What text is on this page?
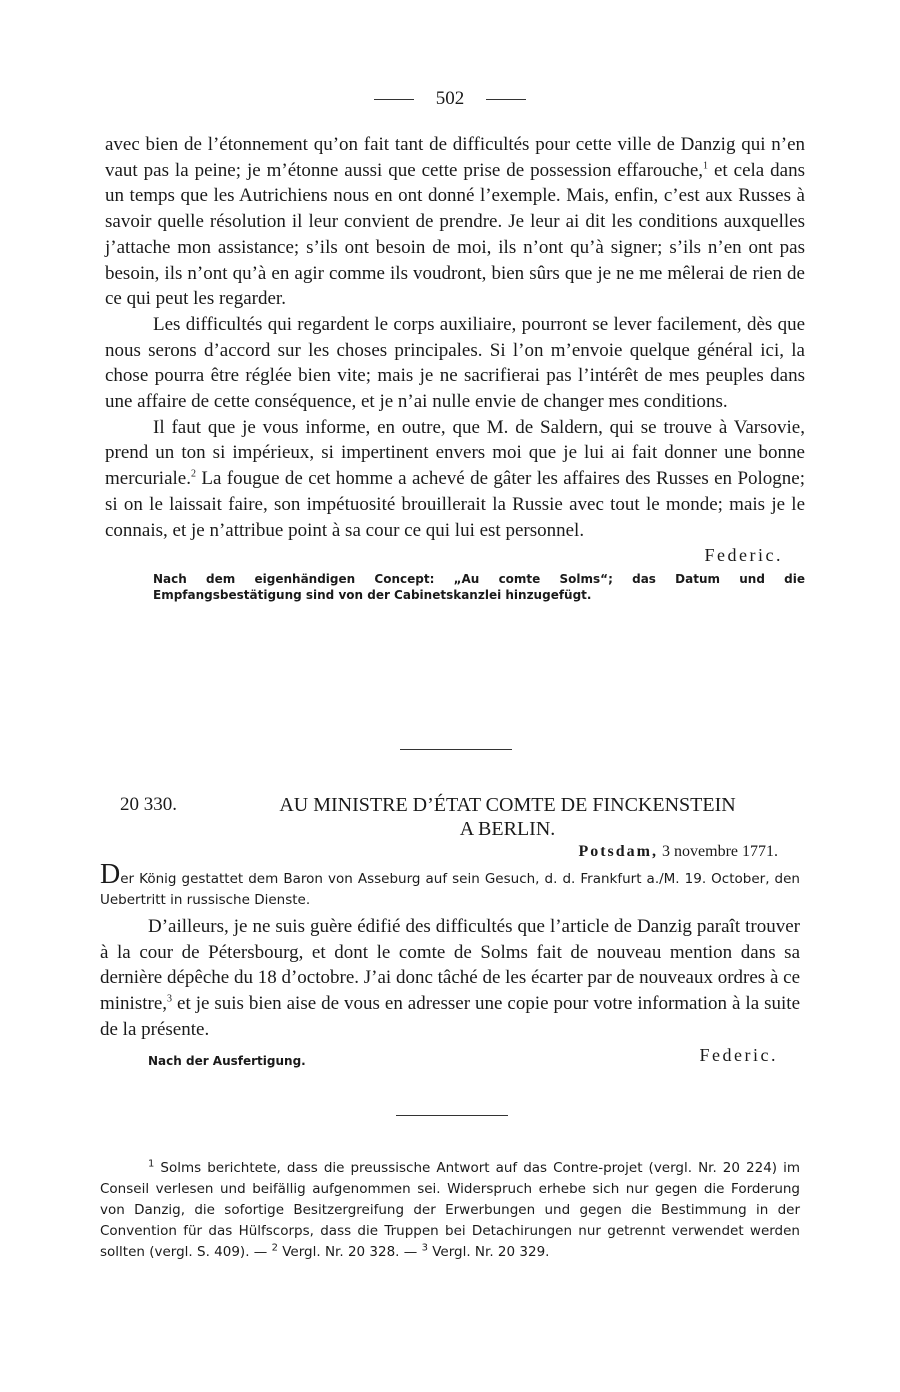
502

avec bien de l’étonnement qu’on fait tant de difficultés pour cette ville de Danzig qui n’en vaut pas la peine; je m’étonne aussi que cette prise de possession effarouche,$^1$ et cela dans un temps que les Autrichiens nous en ont donné l’exemple. Mais, enfin, c’est aux Russes à savoir quelle résolution il leur convient de prendre. Je leur ai dit les conditions auxquelles j’attache mon assistance; s’ils ont besoin de moi, ils n’ont qu’à signer; s’ils n’en ont pas besoin, ils n’ont qu’à en agir comme ils voudront, bien sûrs que je ne me mêlerai de rien de ce qui peut les regarder.

Les difficultés qui regardent le corps auxiliaire, pourront se lever facilement, dès que nous serons d’accord sur les choses principales. Si l’on m’envoie quelque général ici, la chose pourra être réglée bien vite; mais je ne sacrifierai pas l’intérêt de mes peuples dans une affaire de cette conséquence, et je n’ai nulle envie de changer mes conditions.

Il faut que je vous informe, en outre, que M. de Saldern, qui se trouve à Varsovie, prend un ton si impérieux, si impertinent envers moi que je lui ai fait donner une bonne mercuriale.$^2$ La fougue de cet homme a achevé de gâter les affaires des Russes en Pologne; si on le laissait faire, son impétuosité brouillerait la Russie avec tout le monde; mais je le connais, et je n’attribue point à sa cour ce qui lui est personnel.

Federic.
Nach dem eigenhändigen Concept: „Au comte Solms“; das Datum und die Empfangsbestätigung sind von der Cabinetskanzlei hinzugefügt.
20 330.	AU MINISTRE D’ÉTAT COMTE DE FINCKENSTEIN
A BERLIN.
Potsdam, 3 novembre 1771.
Der König gestattet dem Baron von Asseburg auf sein Gesuch, d. d. Frankfurt a./M. 19. October, den Uebertritt in russische Dienste.

D’ailleurs, je ne suis guère édifié des difficultés que l’article de Danzig paraît trouver à la cour de Pétersbourg, et dont le comte de Solms fait de nouveau mention dans sa dernière dépêche du 18 d’octobre. J’ai donc tâché de les écarter par de nouveaux ordres à ce ministre,$^3$ et je suis bien aise de vous en adresser une copie pour votre information à la suite de la présente.

Nach der Ausfertigung.	Federic.

$^1$ Solms berichtete, dass die preussische Antwort auf das Contre-projet (vergl. Nr. 20 224) im Conseil verlesen und beifällig aufgenommen sei. Widerspruch erhebe sich nur gegen die Forderung von Danzig, die sofortige Besitzergreifung der Erwerbungen und gegen die Bestimmung in der Convention für das Hülfscorps, dass die Truppen bei Detachirungen nur getrennt verwendet werden sollten (vergl. S. 409). — $^2$ Vergl. Nr. 20 328. — $^3$ Vergl. Nr. 20 329.
